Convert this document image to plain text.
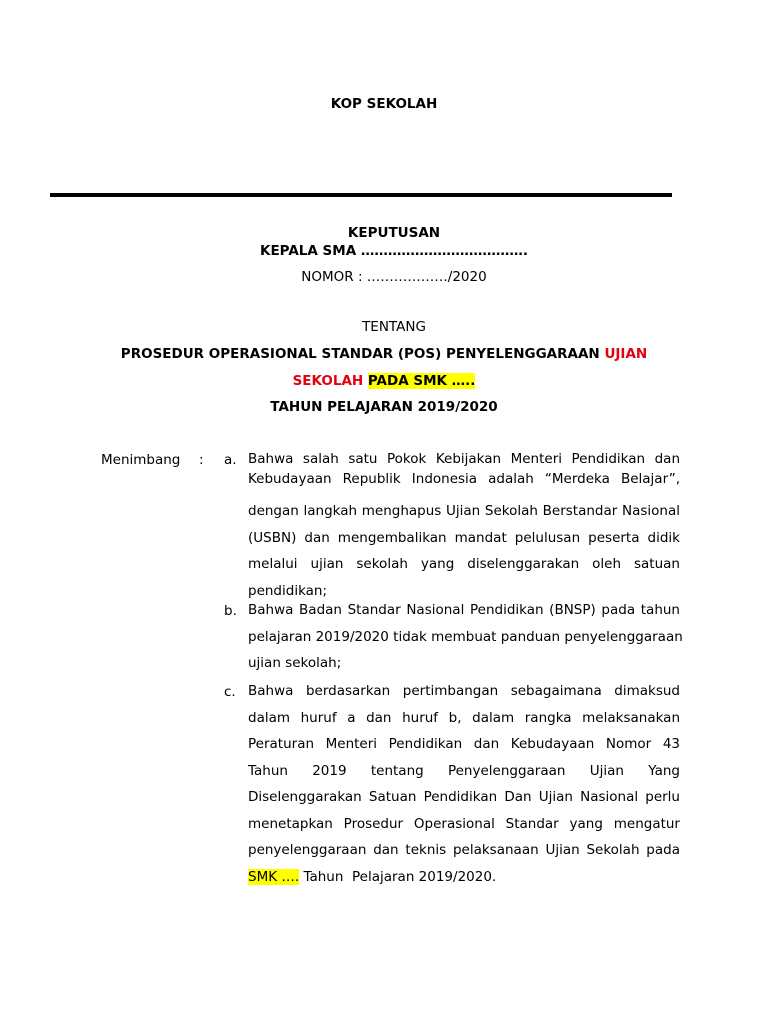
KOP SEKOLAH
KEPUTUSAN
KEPALA SMA ……………………………….
NOMOR : ………………/2020
TENTANG
PROSEDUR OPERASIONAL STANDAR (POS) PENYELENGGARAAN UJIAN
SEKOLAH PADA SMK …..
TAHUN PELAJARAN 2019/2020
Menimbang : a. Bahwa salah satu Pokok Kebijakan Menteri Pendidikan dan
Kebudayaan Republik Indonesia adalah “Merdeka Belajar”,
dengan langkah menghapus Ujian Sekolah Berstandar Nasional
(USBN) dan mengembalikan mandat pelulusan peserta didik
melalui ujian sekolah yang diselenggarakan oleh satuan
pendidikan;
b. Bahwa Badan Standar Nasional Pendidikan (BNSP) pada tahun
pelajaran 2019/2020 tidak membuat panduan penyelenggaraan
ujian sekolah;
c. Bahwa berdasarkan pertimbangan sebagaimana dimaksud
dalam huruf a dan huruf b, dalam rangka melaksanakan
Peraturan Menteri Pendidikan dan Kebudayaan Nomor 43
Tahun 2019 tentang Penyelenggaraan Ujian Yang
Diselenggarakan Satuan Pendidikan Dan Ujian Nasional perlu
menetapkan Prosedur Operasional Standar yang mengatur
penyelenggaraan dan teknis pelaksanaan Ujian Sekolah pada
SMK …. Tahun  Pelajaran 2019/2020.
